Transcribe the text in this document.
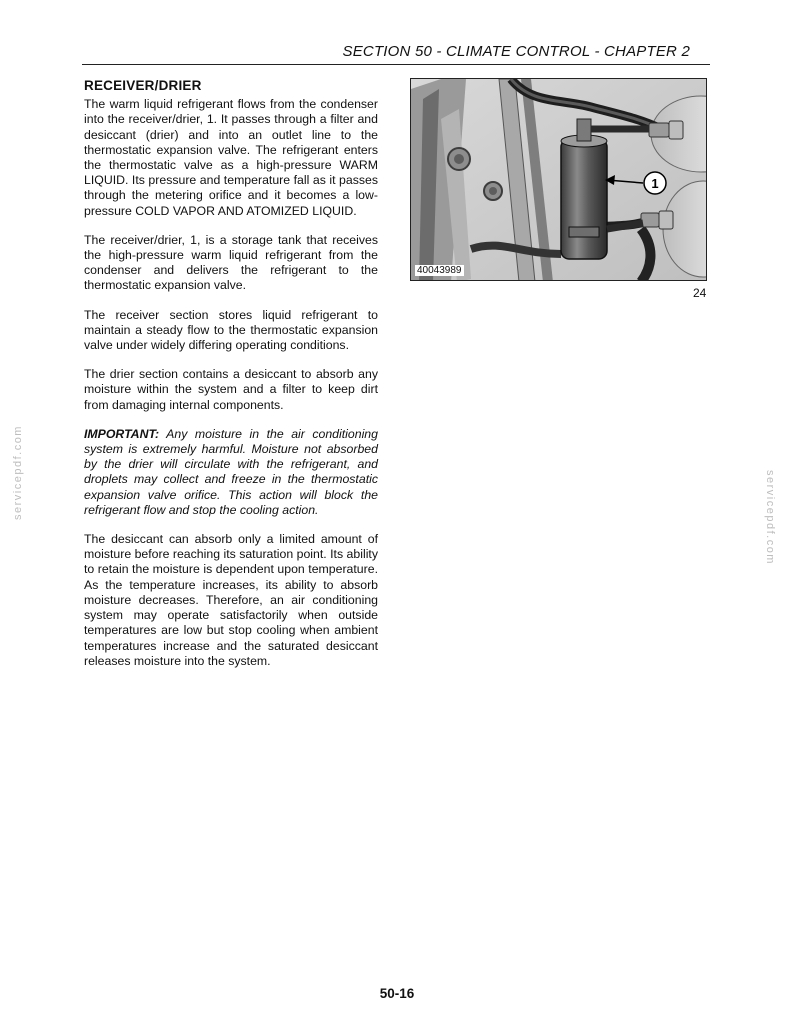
SECTION 50 - CLIMATE CONTROL - CHAPTER 2
RECEIVER/DRIER

The warm liquid refrigerant flows from the condenser into the receiver/drier, 1. It passes through a filter and desiccant (drier) and into an outlet line to the thermostatic expansion valve. The refrigerant enters the thermostatic valve as a high-pressure WARM LIQUID. Its pressure and temperature fall as it passes through the metering orifice and it becomes a low-pressure COLD VAPOR AND ATOMIZED LIQUID.

The receiver/drier, 1, is a storage tank that receives the high-pressure warm liquid refrigerant from the condenser and delivers the refrigerant to the thermostatic expansion valve.

The receiver section stores liquid refrigerant to maintain a steady flow to the thermostatic expansion valve under widely differing operating conditions.

The drier section contains a desiccant to absorb any moisture within the system and a filter to keep dirt from damaging internal components.

IMPORTANT: Any moisture in the air conditioning system is extremely harmful. Moisture not absorbed by the drier will circulate with the refrigerant, and droplets may collect and freeze in the thermostatic expansion valve orifice. This action will block the refrigerant flow and stop the cooling action.

The desiccant can absorb only a limited amount of moisture before reaching its saturation point. Its ability to retain the moisture is dependent upon temperature. As the temperature increases, its ability to absorb moisture decreases. Therefore, an air conditioning system may operate satisfactorily when outside temperatures are low but stop cooling when ambient temperatures increase and the saturated desiccant releases moisture into the system.

1
40043989
24
servicepdf.com	servicepdf.com
50-16
